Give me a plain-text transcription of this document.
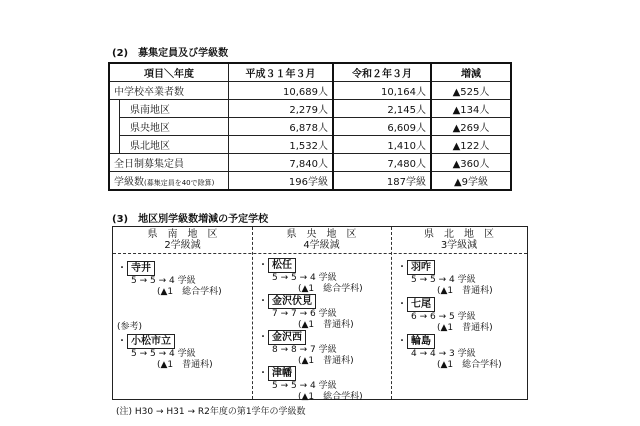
(2)　募集定員及び学級数
項目＼年度		平成３１年３月	令和２年３月	増減
中学校卒業者数		10,689人	10,164人	▲525人
	県南地区	2,279人	2,145人	▲134人
	県央地区	6,878人	6,609人	▲269人
	県北地区	1,532人	1,410人	▲122人
全日制募集定員		7,840人	7,480人	▲360人
学級数(募集定員を40で除算)		196学級	187学級	▲9学級
(3)　地区別学級数増減の予定学校
県　南　地　区
2学級減
・ 寺井
5 → 5 → 4 学級
(▲1　総合学科)
(参考)
・ 小松市立
5 → 5 → 4 学級
(▲1　普通科)
県　央　地　区
4学級減
・ 松任
5 → 5 → 4 学級
(▲1　総合学科)
・ 金沢伏見
7 → 7 → 6 学級
(▲1　普通科)
・ 金沢西
8 → 8 → 7 学級
(▲1　普通科)
・ 津幡
5 → 5 → 4 学級
(▲1　総合学科)
県　北　地　区
3学級減
・ 羽咋
5 → 5 → 4 学級
(▲1　普通科)
・ 七尾
6 → 6 → 5 学級
(▲1　普通科)
・ 輪島
4 → 4 → 3 学級
(▲1　総合学科)
(注) H30 → H31 → R2年度の第1学年の学級数
